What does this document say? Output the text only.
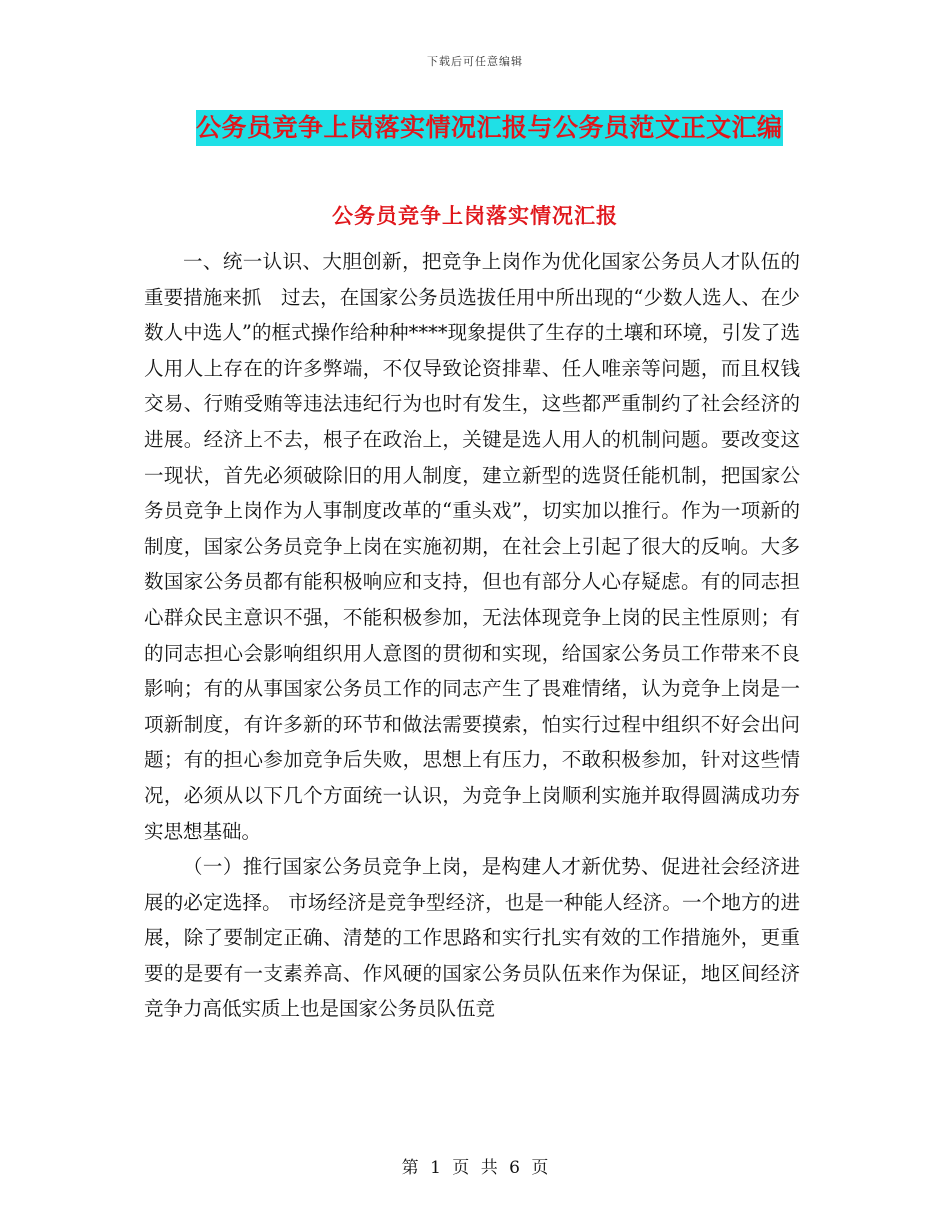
下载后可任意编辑
公务员竞争上岗落实情况汇报与公务员范文正文汇编
公务员竞争上岗落实情况汇报

一、统一认识、大胆创新，把竞争上岗作为优化国家公务员人才队伍的重要措施来抓　过去，在国家公务员选拔任用中所出现的“少数人选人、在少数人中选人”的框式操作给种种****现象提供了生存的土壤和环境，引发了选人用人上存在的许多弊端，不仅导致论资排辈、任人唯亲等问题，而且权钱交易、行贿受贿等违法违纪行为也时有发生，这些都严重制约了社会经济的进展。经济上不去，根子在政治上，关键是选人用人的机制问题。要改变这一现状，首先必须破除旧的用人制度，建立新型的选贤任能机制，把国家公务员竞争上岗作为人事制度改革的“重头戏”，切实加以推行。作为一项新的制度，国家公务员竞争上岗在实施初期，在社会上引起了很大的反响。大多数国家公务员都有能积极响应和支持，但也有部分人心存疑虑。有的同志担心群众民主意识不强，不能积极参加，无法体现竞争上岗的民主性原则；有的同志担心会影响组织用人意图的贯彻和实现，给国家公务员工作带来不良影响；有的从事国家公务员工作的同志产生了畏难情绪，认为竞争上岗是一项新制度，有许多新的环节和做法需要摸索，怕实行过程中组织不好会出问题；有的担心参加竞争后失败，思想上有压力，不敢积极参加，针对这些情况，必须从以下几个方面统一认识，为竞争上岗顺利实施并取得圆满成功夯实思想基础。

（一）推行国家公务员竞争上岗，是构建人才新优势、促进社会经济进展的必定选择。 市场经济是竞争型经济，也是一种能人经济。一个地方的进展，除了要制定正确、清楚的工作思路和实行扎实有效的工作措施外，更重要的是要有一支素养高、作风硬的国家公务员队伍来作为保证，地区间经济竞争力高低实质上也是国家公务员队伍竞

第 1 页 共 6 页
